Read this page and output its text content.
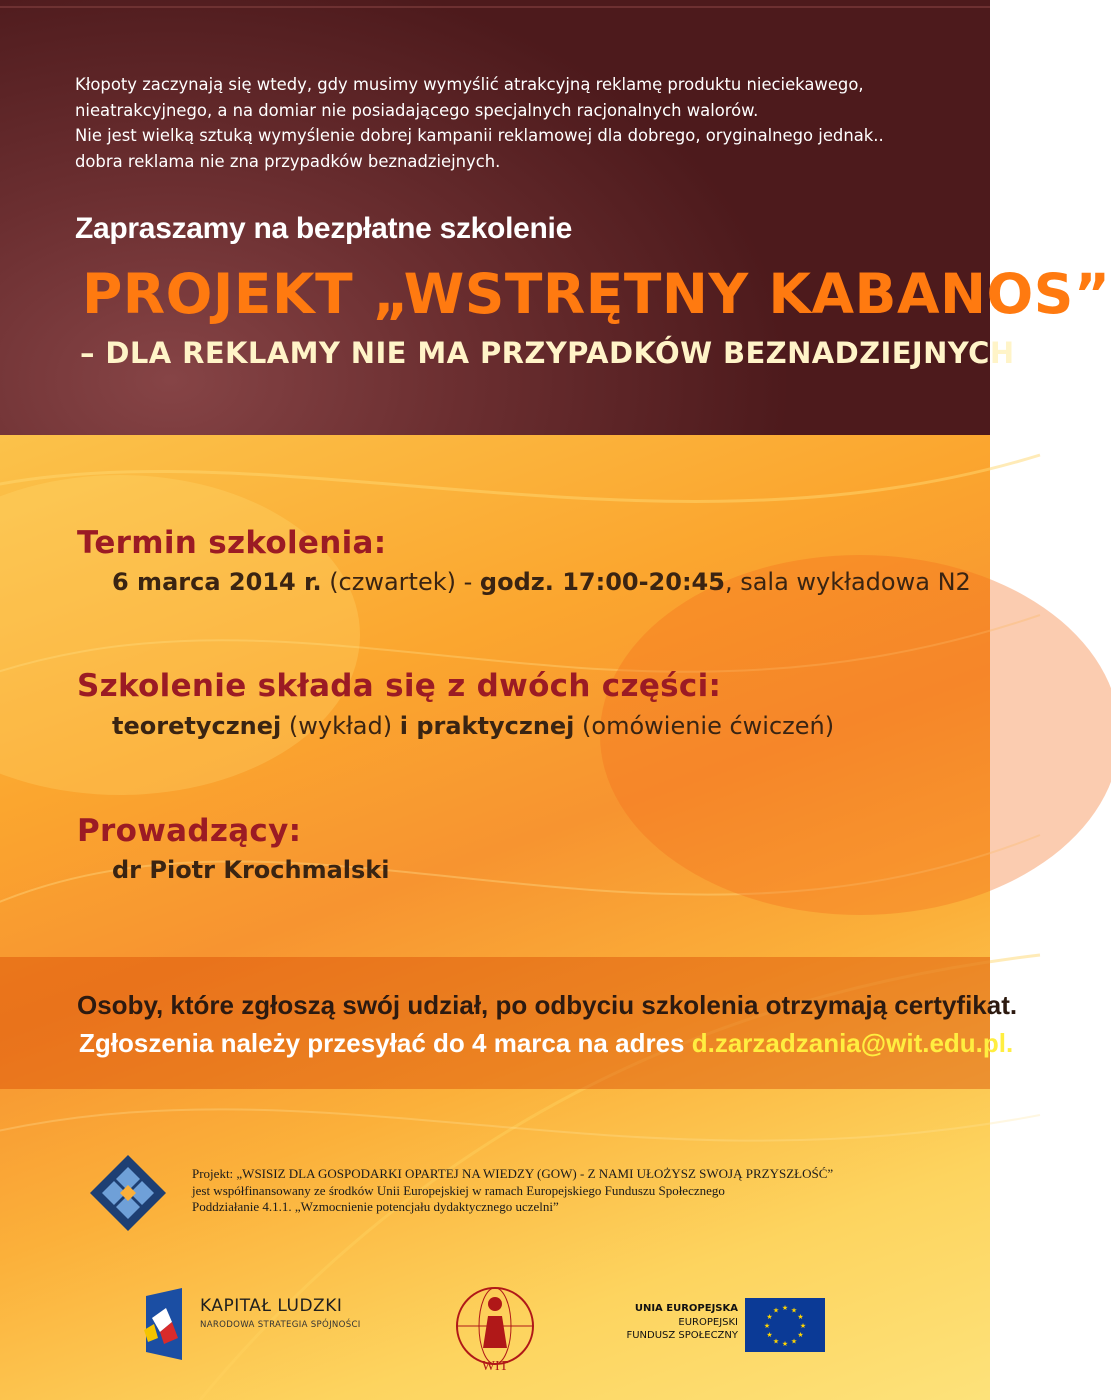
Kłopoty zaczynają się wtedy, gdy musimy wymyślić atrakcyjną reklamę produktu nieciekawego,
nieatrakcyjnego, a na domiar nie posiadającego specjalnych racjonalnych walorów.
Nie jest wielką sztuką wymyślenie dobrej kampanii reklamowej dla dobrego, oryginalnego jednak..
dobra reklama nie zna przypadków beznadziejnych.
Zapraszamy na bezpłatne szkolenie
PROJEKT „WSTRĘTNY KABANOS”
– DLA REKLAMY NIE MA PRZYPADKÓW BEZNADZIEJNYCH
Termin szkolenia:
6 marca 2014 r. (czwartek) - godz. 17:00-20:45, sala wykładowa N2
Szkolenie składa się z dwóch części:
teoretycznej (wykład) i praktycznej (omówienie ćwiczeń)
Prowadzący:
dr Piotr Krochmalski
Osoby, które zgłoszą swój udział, po odbyciu szkolenia otrzymają certyfikat.
Zgłoszenia należy przesyłać do 4 marca na adres d.zarzadzania@wit.edu.pl.
Projekt: „WSISIZ DLA GOSPODARKI OPARTEJ NA WIEDZY (GOW) - Z NAMI UŁOŻYSZ SWOJĄ PRZYSZŁOŚĆ”
jest współfinansowany ze środków Unii Europejskiej w ramach Europejskiego Funduszu Społecznego
Poddziałanie 4.1.1. „Wzmocnienie potencjału dydaktycznego uczelni”
KAPITAŁ LUDZKI
NARODOWA STRATEGIA SPÓJNOŚCI
WIT
UNIA EUROPEJSKA
EUROPEJSKI
FUNDUSZ SPOŁECZNY
★ ★
★
★
★
★
★
★
★
★
★
★
